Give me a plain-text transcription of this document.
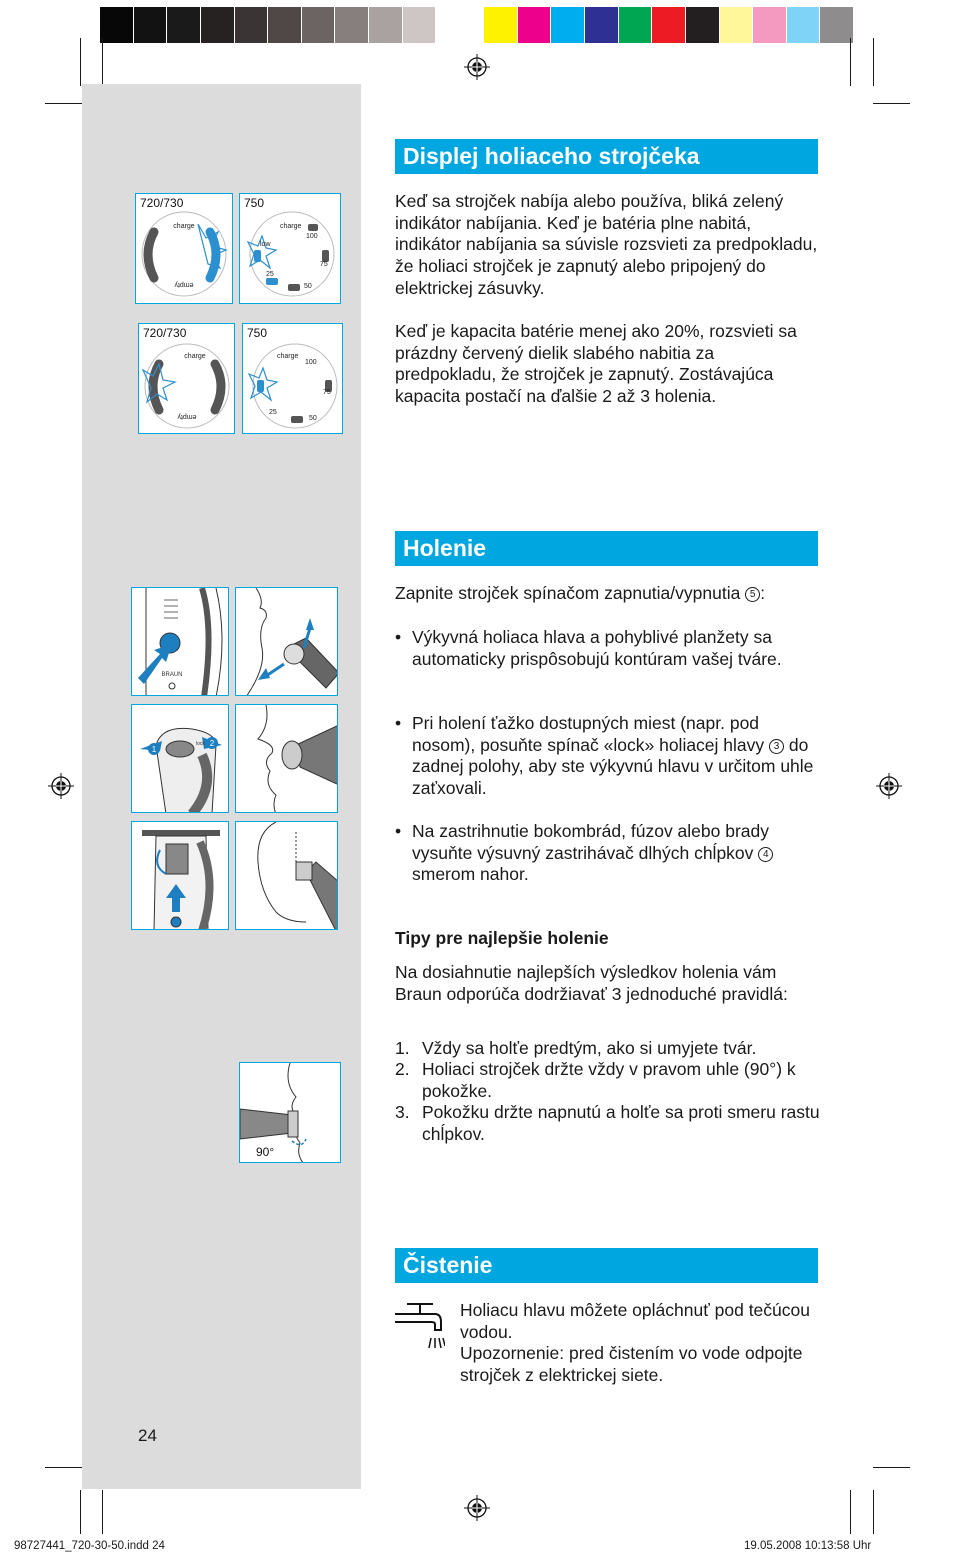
charge
empty
720/730
charge
low
100
75
50
25
750
charge
empty
720/730
charge
100
75
50
25
750
BRAUN
1
2
lock
90°
Displej holiaceho strojčeka

Keď sa strojček nabíja alebo používa, bliká zelený indikátor nabíjania. Keď je batéria plne nabitá, indikátor nabíjania sa súvisle rozsvieti za predpokladu, že holiaci strojček je zapnutý alebo pripojený do elektrickej zásuvky.

Keď je kapacita batérie menej ako 20%, rozsvieti sa prázdny červený dielik slabého nabitia za predpokladu, že strojček je zapnutý. Zostávajúca kapacita postačí na ďalšie 2 až 3 holenia.

Holenie

Zapnite strojček spínačom zapnutia/vypnutia 5 :

• Výkyvná holiaca hlava a pohyblivé planžety sa automaticky prispôsobujú kontúram vašej tváre.
• Pri holení ťažko dostupných miest (napr. pod nosom), posuňte spínač «lock» holiacej hlavy 3 do zadnej polohy, aby ste výkyvnú hlavu v určitom uhle zaťxovali.
• Na zastrihnutie bokombrád, fúzov alebo brady vysuňte výsuvný zastrihávač dlhých chĺpkov 4 smerom nahor.

Tipy pre najlepšie holenie

Na dosiahnutie najlepších výsledkov holenia vám Braun odporúča dodržiavať 3 jednoduché pravidlá:

1. Vždy sa holťe predtým, ako si umyjete tvár.
2. Holiaci strojček držte vždy v pravom uhle (90°) k pokožke.
3. Pokožku držte napnutú a holťe sa proti smeru rastu chĺpkov.
Čistenie

Holiacu hlavu môžete opláchnuť pod tečúcou vodou.
Upozornenie: pred čistením vo vode odpojte strojček z elektrickej siete.

24
98727441_720-30-50.indd 24	19.05.2008 10:13:58 Uhr
